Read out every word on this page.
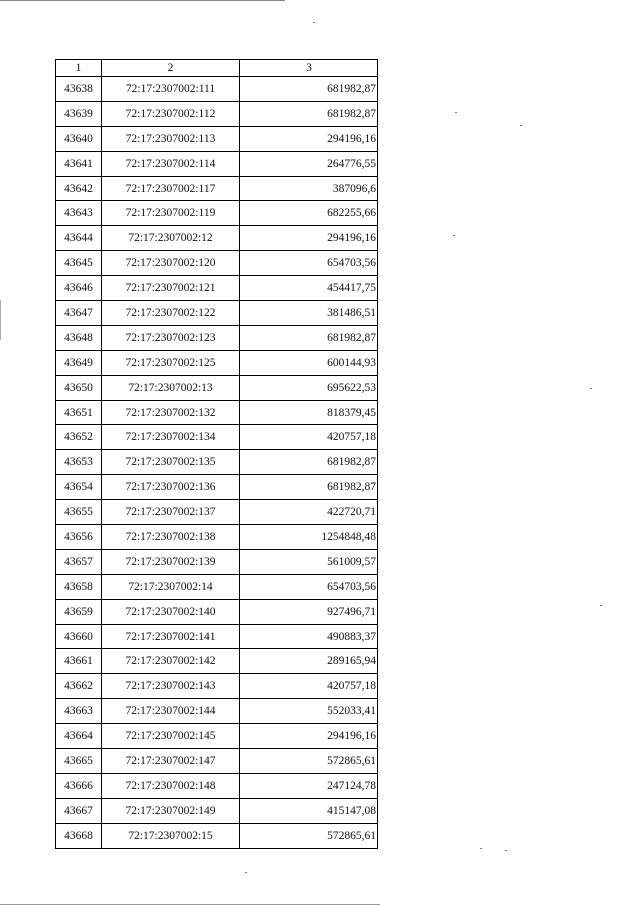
1	2	3
43638	72:17:2307002:111	681982,87
43639	72:17:2307002:112	681982,87
43640	72:17:2307002:113	294196,16
43641	72:17:2307002:114	264776,55
43642	72:17:2307002:117	387096,6
43643	72:17:2307002:119	682255,66
43644	72:17:2307002:12	294196,16
43645	72:17:2307002:120	654703,56
43646	72:17:2307002:121	454417,75
43647	72:17:2307002:122	381486,51
43648	72:17:2307002:123	681982,87
43649	72:17:2307002:125	600144,93
43650	72:17:2307002:13	695622,53
43651	72:17:2307002:132	818379,45
43652	72:17:2307002:134	420757,18
43653	72:17:2307002:135	681982,87
43654	72:17:2307002:136	681982,87
43655	72:17:2307002:137	422720,71
43656	72:17:2307002:138	1254848,48
43657	72:17:2307002:139	561009,57
43658	72:17:2307002:14	654703,56
43659	72:17:2307002:140	927496,71
43660	72:17:2307002:141	490883,37
43661	72:17:2307002:142	289165,94
43662	72:17:2307002:143	420757,18
43663	72:17:2307002:144	552033,41
43664	72:17:2307002:145	294196,16
43665	72:17:2307002:147	572865,61
43666	72:17:2307002:148	247124,78
43667	72:17:2307002:149	415147,08
43668	72:17:2307002:15	572865,61
